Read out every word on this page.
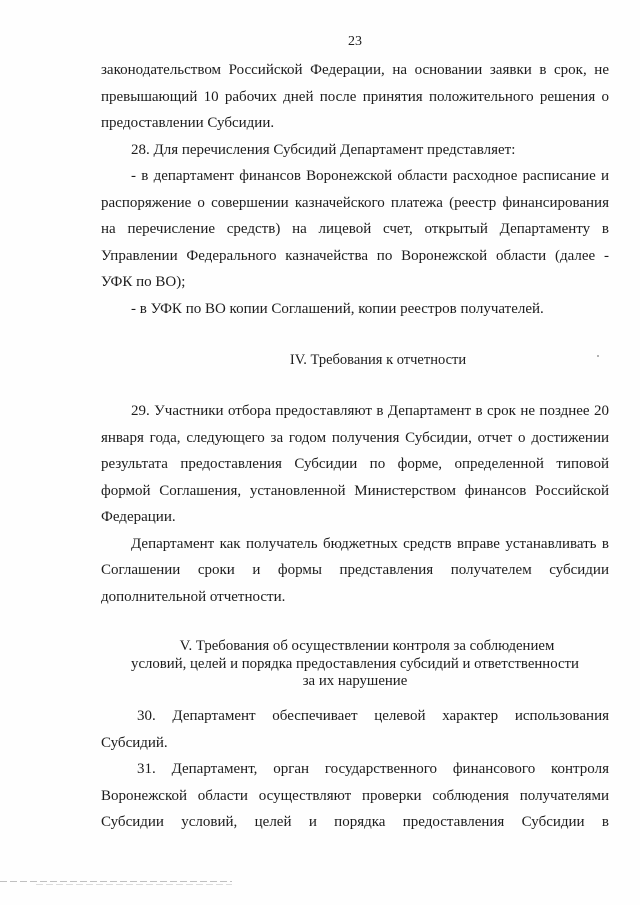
23
законодательством Российской Федерации, на основании заявки в срок, не
превышающий 10 рабочих дней после принятия положительного решения о
предоставлении Субсидии.
28. Для перечисления Субсидий Департамент представляет:
- в департамент финансов Воронежской области расходное расписание и
распоряжение о совершении казначейского платежа (реестр финансирования
на перечисление средств) на лицевой счет, открытый Департаменту в
Управлении Федерального казначейства по Воронежской области (далее -
УФК по ВО);
- в УФК по ВО копии Соглашений, копии реестров получателей.
IV. Требования к отчетности
29. Участники отбора предоставляют в Департамент в срок не позднее 20
января года, следующего за годом получения Субсидии, отчет о достижении
результата предоставления Субсидии по форме, определенной типовой
формой Соглашения, установленной Министерством финансов Российской
Федерации.
Департамент как получатель бюджетных средств вправе устанавливать в
Соглашении сроки и формы представления получателем субсидии
дополнительной отчетности.
V. Требования об осуществлении контроля за соблюдением
условий, целей и порядка предоставления субсидий и ответственности
за их нарушение
30. Департамент обеспечивает целевой характер использования
Субсидий.
31. Департамент, орган государственного финансового контроля
Воронежской области осуществляют проверки соблюдения получателями
Субсидии условий, целей и порядка предоставления Субсидии в
